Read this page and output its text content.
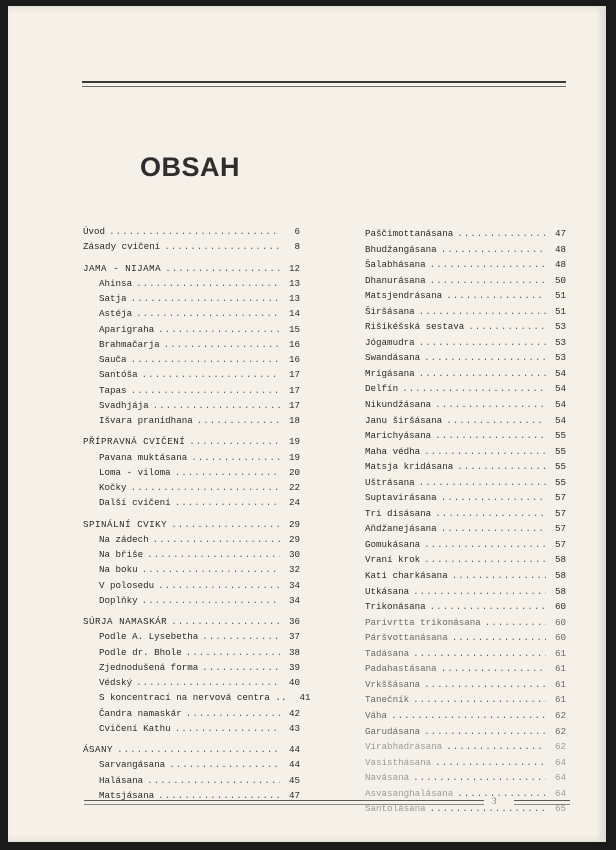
OBSAH
Úvod .....	6
Zásady cvičení .....	8
JAMA - NIJAMA .....	12
Ahinsa .....	13
Satja .....	13
Astéja .....	14
Aparigraha .....	15
Brahmačarja .....	16
Sauča .....	16
Santóša .....	17
Tapas .....	17
Svadhjája .....	17
Išvara pranidhana .....	18
PŘÍPRAVNÁ CVIČENÍ .....	19
Pavana muktásana .....	19
Loma - viloma .....	20
Kočky .....	22
Další cvičení .....	24
SPINÁLNÍ CVIKY .....	29
Na zádech .....	29
Na břiše .....	30
Na boku .....	32
V polosedu .....	34
Doplňky .....	34
SÚRJA NAMASKÁR .....	36
Podle A. Lysebetha .....	37
Podle dr. Bhole .....	38
Zjednodušená forma .....	39
Védský .....	40
S koncentrací na nervová centra ..	41
Čandra namaskár .....	42
Cvičení Kathu .....	43
ÁSANY .....	44
Sarvangásana .....	44
Halásana .....	45
Matsjásana .....	47
Paščimottanásana .....	47
Bhudžangásana .....	48
Šalabhásana .....	48
Dhanurásana .....	50
Matsjendrásana .....	51
Širšásana .....	51
Rišikéšská sestava .....	53
Jógamudra .....	53
Swandásana .....	53
Mrigásana .....	54
Delfín .....	54
Nikundžásana .....	54
Janu širšásana .....	54
Marichyásana .....	55
Maha védha .....	55
Matsja kridásana .....	55
Uštrásana .....	55
Suptavirásana .....	57
Tri disásana .....	57
Aňdžanejásana .....	57
Gomukásana .....	57
Vraní krok .....	58
Kati charkásana .....	58
Utkásana .....	58
Trikonásana .....	60
Parivrtta trikonásana .....	60
Páršvottanásana .....	60
Tadásana .....	61
Padahastásana .....	61
Vrkššásana .....	61
Tanečník .....	61
Váha .....	62
Garudásana .....	62
Virabhadrásana .....	62
Vasisthásana .....	64
Navásana .....	64
Asvasanghalásana .....	64
Santolásana .....	65
3
